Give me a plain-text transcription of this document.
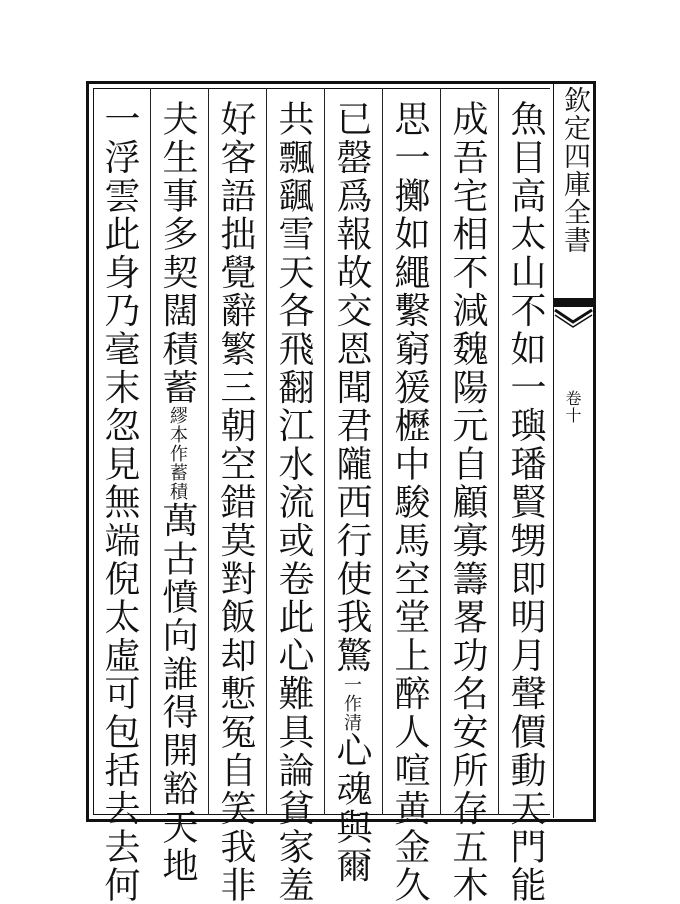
欽定四庫全書
卷十
魚目高太山不如一璵璠賢甥即明月聲價動天門能
成吾宅相不減魏陽元自顧寡籌畧功名安所存五木
思一擲如繩繫窮猨櫪中駿馬空堂上醉人喧黄金久
已罄爲報故交恩聞君隴西行使我驚一作清心魂與爾
共飄颻雪天各飛翻江水流或卷此心難具論貧家羞
好客語拙覺辭繁三朝空錯莫對飯却慙冤自笑我非
夫生事多契闊積蓄繆本作蓄積萬古憤向誰得開豁天地
一浮雲此身乃毫末忽見無端倪太虛可包括去去何
